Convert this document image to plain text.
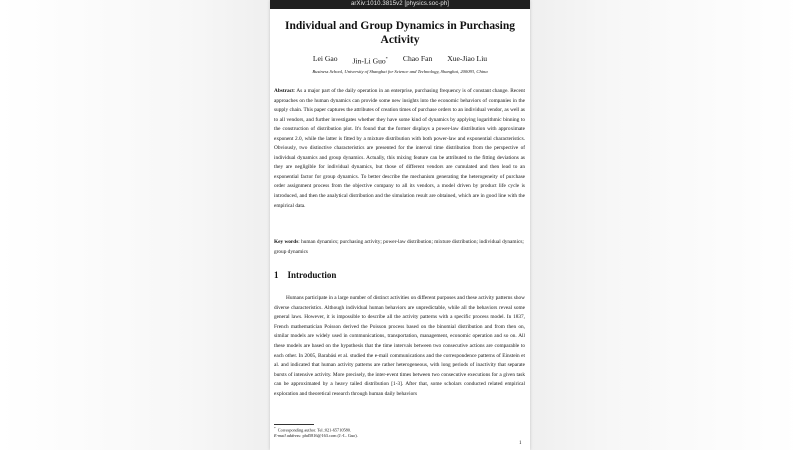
arXiv:1010.3815v2 [physics.soc-ph]
Individual and Group Dynamics in Purchasing Activity
Lei Gao Jin-Li Guo* Chao Fan Xue-Jiao Liu
Business School, University of Shanghai for Science and Technology, Shanghai, 200093, China

Abstract: As a major part of the daily operation in an enterprise, purchasing frequency is of constant change. Recent approaches on the human dynamics can provide some new insights into the economic behaviors of companies in the supply chain. This paper captures the attributes of creation times of purchase orders to an individual vendor, as well as to all vendors, and further investigates whether they have some kind of dynamics by applying logarithmic binning to the construction of distribution plot. It's found that the former displays a power-law distribution with approximate exponent 2.0, while the latter is fitted by a mixture distribution with both power-law and exponential characteristics. Obviously, two distinctive characteristics are presented for the interval time distribution from the perspective of individual dynamics and group dynamics. Actually, this mixing feature can be attributed to the fitting deviations as they are negligible for individual dynamics, but those of different vendors are cumulated and then lead to an exponential factor for group dynamics. To better describe the mechanism generating the heterogeneity of purchase order assignment process from the objective company to all its vendors, a model driven by product life cycle is introduced, and then the analytical distribution and the simulation result are obtained, which are in good line with the empirical data.

Key words: human dynamics; purchasing activity; power-law distribution; mixture distribution; individual dynamics; group dynamics

1 Introduction

Humans participate in a large number of distinct activities on different purposes and these activity patterns show diverse characteristics. Although individual human behaviors are unpredictable, while all the behaviors reveal some general laws. However, it is impossible to describe all the activity patterns with a specific process model. In 1837, French mathematician Poisson derived the Poisson process based on the binomial distribution and from then on, similar models are widely used in communications, transportation, management, economic operation and so on. All these models are based on the hypothesis that the time intervals between two consecutive actions are comparable to each other. In 2005, Barabási et al. studied the e-mail communications and the correspondence patterns of Einstein et al. and indicated that human activity patterns are rather heterogeneous, with long periods of inactivity that separate bursts of intensive activity. More precisely, the inter-event times between two consecutive executions for a given task can be approximated by a heavy tailed distribution [1-3]. After that, some scholars conducted related empirical exploration and theoretical research through human daily behaviors

* Corresponding author. Tel.:021-65710580.
E-mail address: phd5816@163.com (J.-L. Guo).
1
